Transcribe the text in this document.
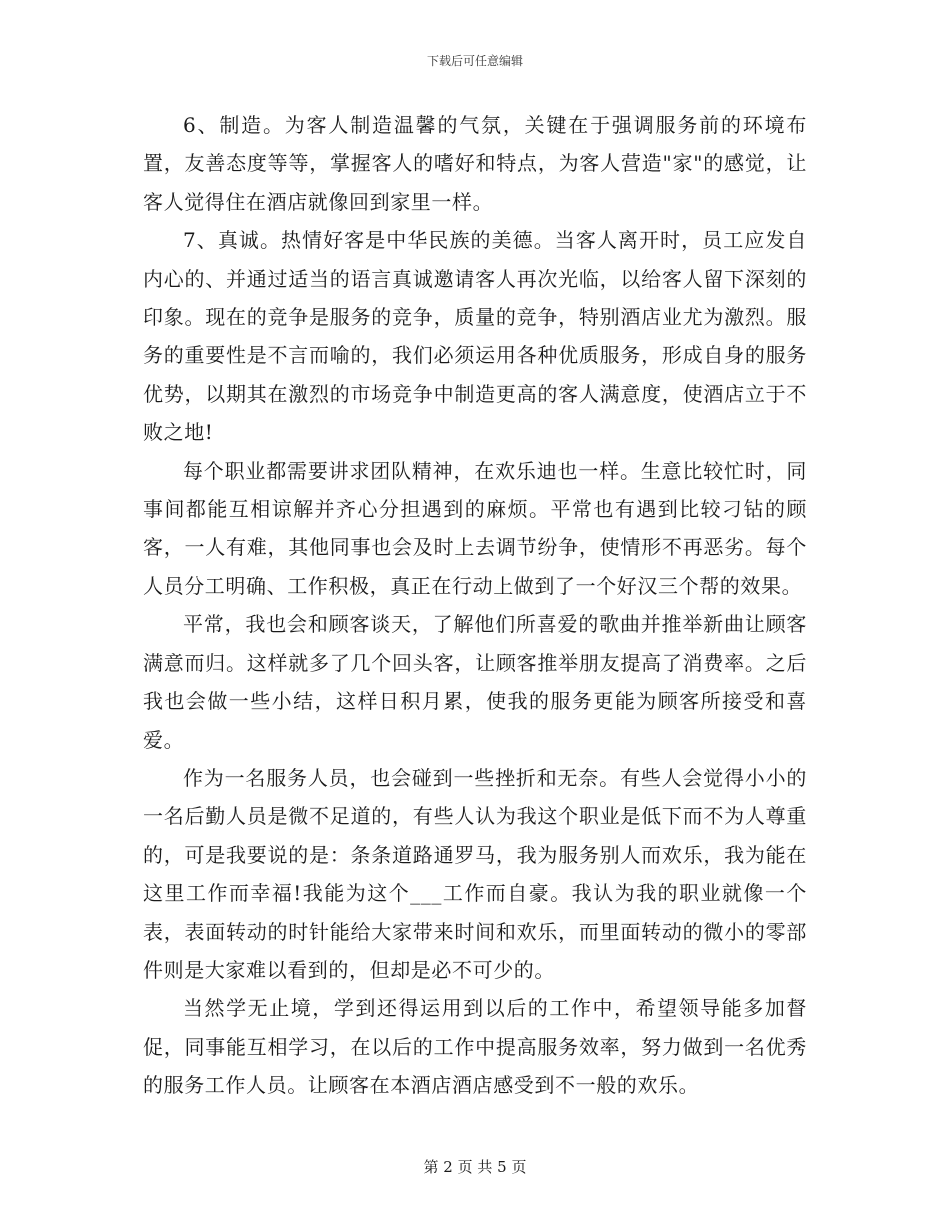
下载后可任意编辑

6、制造。为客人制造温馨的气氛，关键在于强调服务前的环境布置，友善态度等等，掌握客人的嗜好和特点，为客人营造"家"的感觉，让客人觉得住在酒店就像回到家里一样。

7、真诚。热情好客是中华民族的美德。当客人离开时，员工应发自内心的、并通过适当的语言真诚邀请客人再次光临，以给客人留下深刻的印象。现在的竞争是服务的竞争，质量的竞争，特别酒店业尤为激烈。服务的重要性是不言而喻的，我们必须运用各种优质服务，形成自身的服务优势，以期其在激烈的市场竞争中制造更高的客人满意度，使酒店立于不败之地!

每个职业都需要讲求团队精神，在欢乐迪也一样。生意比较忙时，同事间都能互相谅解并齐心分担遇到的麻烦。平常也有遇到比较刁钻的顾客，一人有难，其他同事也会及时上去调节纷争，使情形不再恶劣。每个人员分工明确、工作积极，真正在行动上做到了一个好汉三个帮的效果。

平常，我也会和顾客谈天，了解他们所喜爱的歌曲并推举新曲让顾客满意而归。这样就多了几个回头客，让顾客推举朋友提高了消费率。之后我也会做一些小结，这样日积月累，使我的服务更能为顾客所接受和喜爱。

作为一名服务人员，也会碰到一些挫折和无奈。有些人会觉得小小的一名后勤人员是微不足道的，有些人认为我这个职业是低下而不为人尊重的，可是我要说的是：条条道路通罗马，我为服务别人而欢乐，我为能在这里工作而幸福!我能为这个___工作而自豪。我认为我的职业就像一个表，表面转动的时针能给大家带来时间和欢乐，而里面转动的微小的零部件则是大家难以看到的，但却是必不可少的。

当然学无止境，学到还得运用到以后的工作中，希望领导能多加督促，同事能互相学习，在以后的工作中提高服务效率，努力做到一名优秀的服务工作人员。让顾客在本酒店酒店感受到不一般的欢乐。

第 2 页 共 5 页
